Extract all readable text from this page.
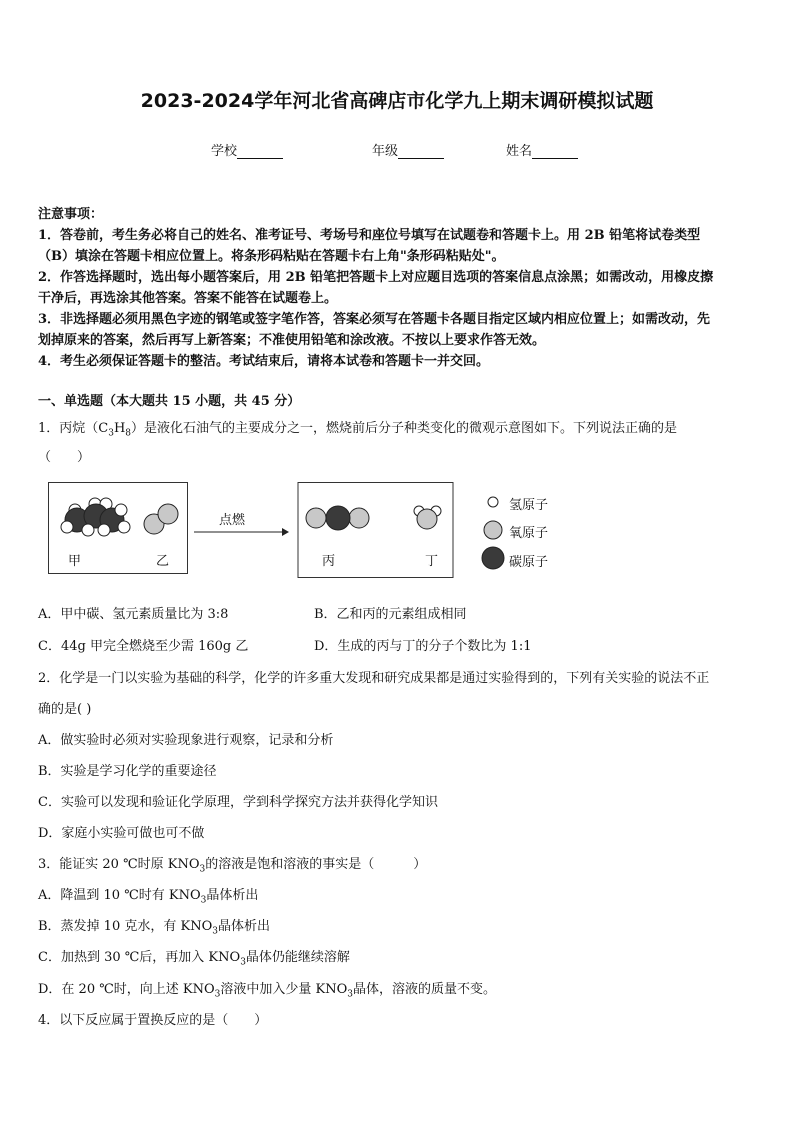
2023-2024学年河北省高碑店市化学九上期末调研模拟试题
学校	年级	姓名
注意事项：
1．答卷前，考生务必将自己的姓名、准考证号、考场号和座位号填写在试题卷和答题卡上。用 2B 铅笔将试卷类型
（B）填涂在答题卡相应位置上。将条形码粘贴在答题卡右上角"条形码粘贴处"。
2．作答选择题时，选出每小题答案后，用 2B 铅笔把答题卡上对应题目选项的答案信息点涂黑；如需改动，用橡皮擦
干净后，再选涂其他答案。答案不能答在试题卷上。
3．非选择题必须用黑色字迹的钢笔或签字笔作答，答案必须写在答题卡各题目指定区域内相应位置上；如需改动，先
划掉原来的答案，然后再写上新答案；不准使用铅笔和涂改液。不按以上要求作答无效。
4．考生必须保证答题卡的整洁。考试结束后，请将本试卷和答题卡一并交回。
一、单选题（本大题共 15 小题，共 45 分）
1．丙烷$(C_3H_8)$是液化石油气的主要成分之一，燃烧前后分子种类变化的微观示意图如下。下列说法正确的是
（　　）
甲	乙
点燃
丙	丁
氢原子
氧原子
碳原子
A．甲中碳、氢元素质量比为 3:8	B．乙和丙的元素组成相同
C．44g 甲完全燃烧至少需 160g 乙	D．生成的丙与丁的分子个数比为 1:1
2．化学是一门以实验为基础的科学，化学的许多重大发现和研究成果都是通过实验得到的，下列有关实验的说法不正
确的是( )
A．做实验时必须对实验现象进行观察，记录和分析
B．实验是学习化学的重要途径
C．实验可以发现和验证化学原理，学到科学探究方法并获得化学知识
D．家庭小实验可做也可不做
3．能证实 20 ℃时原 $KNO_3$的溶液是饱和溶液的事实是（　　　）
A．降温到 10 ℃时有 $KNO_3$晶体析出
B．蒸发掉 10 克水，有 $KNO_3$晶体析出
C．加热到 30 ℃后，再加入 $KNO_3$晶体仍能继续溶解
D．在 20 ℃时，向上述 $KNO_3$溶液中加入少量 $KNO_3$晶体，溶液的质量不变。
4．以下反应属于置换反应的是（　　）
